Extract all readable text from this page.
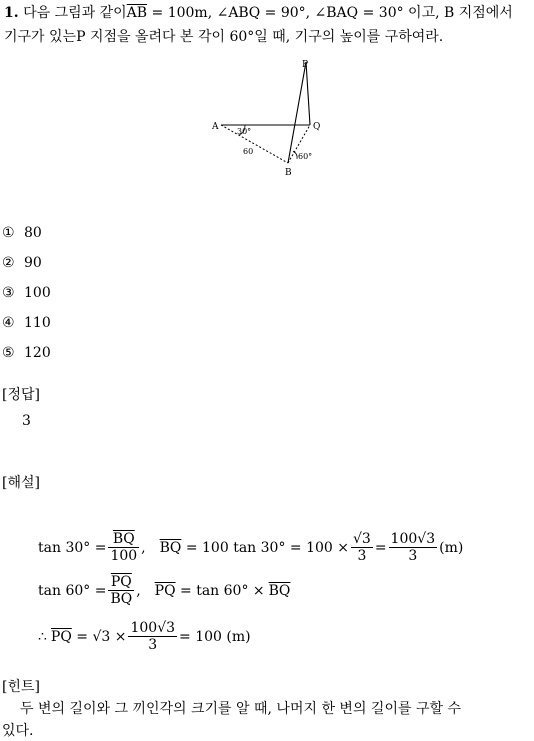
1. 다음 그림과 같이$\overline{AB} = 100m$, ∠ABQ = 90°, ∠BAQ = 30° 이고, B 지점에서
기구가 있는P 지점을 올려다 본 각이 60°일 때, 기구의 높이를 구하여라.
P
Q
A
B
30°
60
60°
① 80
② 90
③ 100
④ 110
⑤ 120
[정답]
3
[해설]
$\tan 30^\circ = \frac{\overline{BQ}}{100}$ , $\overline{BQ} = 100$ $\tan 30^\circ = 100 \times \frac{√3}{3} = \frac{100√3}{3} (m)$
$\tan 60^\circ = \frac{\overline{PQ}}{BQ}$ , $\overline{PQ} = \tan 60^\circ \times \overline{BQ}$
∴ $\overline{PQ} = √3 \times \frac{100√3}{3} = 100$ (m)
[힌트]
두 변의 길이와 그 끼인각의 크기를 알 때, 나머지 한 변의 길이를 구할 수
있다.
